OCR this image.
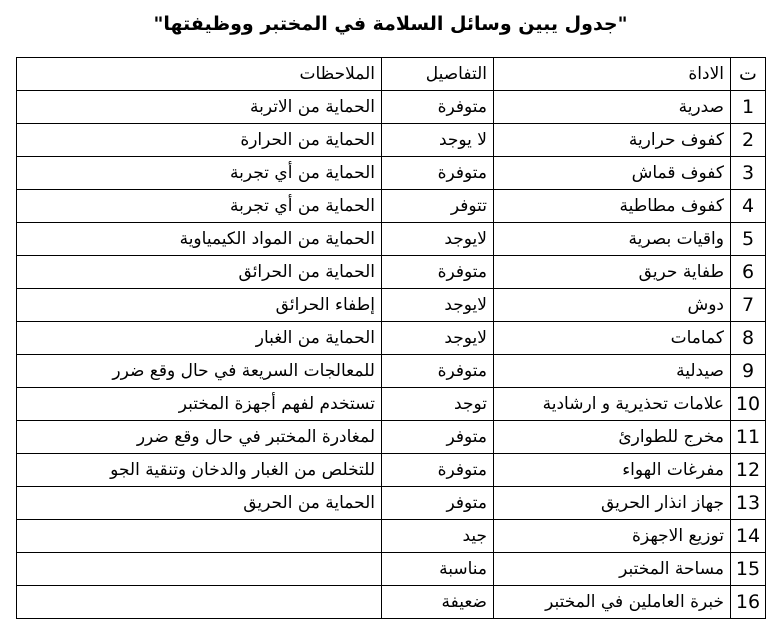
"جدول يبين وسائل السلامة في المختبر ووظيفتها"
ت	الاداة	التفاصيل	الملاحظات
1	صدرية	متوفرة	الحماية من الاتربة
2	كفوف حرارية	لا يوجد	الحماية من الحرارة
3	كفوف قماش	متوفرة	الحماية من أي تجربة
4	كفوف مطاطية	تتوفر	الحماية من أي تجربة
5	واقيات بصرية	لايوجد	الحماية من المواد الكيمياوية
6	طفاية حريق	متوفرة	الحماية من الحرائق
7	دوش	لايوجد	إطفاء الحرائق
8	كمامات	لايوجد	الحماية من الغبار
9	صيدلية	متوفرة	للمعالجات السريعة في حال وقع ضرر
10	علامات تحذيرية و ارشادية	توجد	تستخدم لفهم أجهزة المختبر
11	مخرج للطوارئ	متوفر	لمغادرة المختبر في حال وقع ضرر
12	مفرغات الهواء	متوفرة	للتخلص من الغبار والدخان وتنقية الجو
13	جهاز انذار الحريق	متوفر	الحماية من الحريق
14	توزيع الاجهزة	جيد	
15	مساحة المختبر	مناسبة	
16	خبرة العاملين في المختبر	ضعيفة	
